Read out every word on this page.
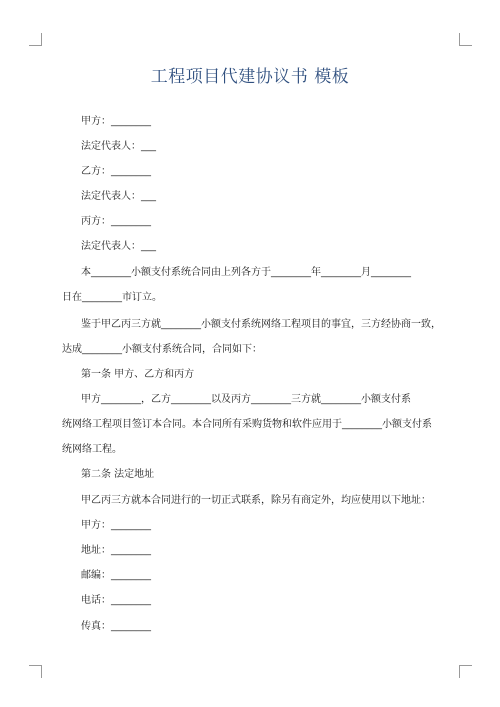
工程项目代建协议书 模板
甲方：________
法定代表人：___
乙方：________
法定代表人：___
丙方：________
法定代表人：___
本________小额支付系统合同由上列各方于________年________月________
日在________市订立。
鉴于甲乙丙三方就________小额支付系统网络工程项目的事宜，三方经协商一致，
达成________小额支付系统合同，合同如下：
第一条 甲方、乙方和丙方
甲方________，乙方________以及丙方________三方就________小额支付系
统网络工程项目签订本合同。本合同所有采购货物和软件应用于________小额支付系
统网络工程。
第二条 法定地址
甲乙丙三方就本合同进行的一切正式联系，除另有商定外，均应使用以下地址：
甲方：________
地址：________
邮编：________
电话：________
传真：________
